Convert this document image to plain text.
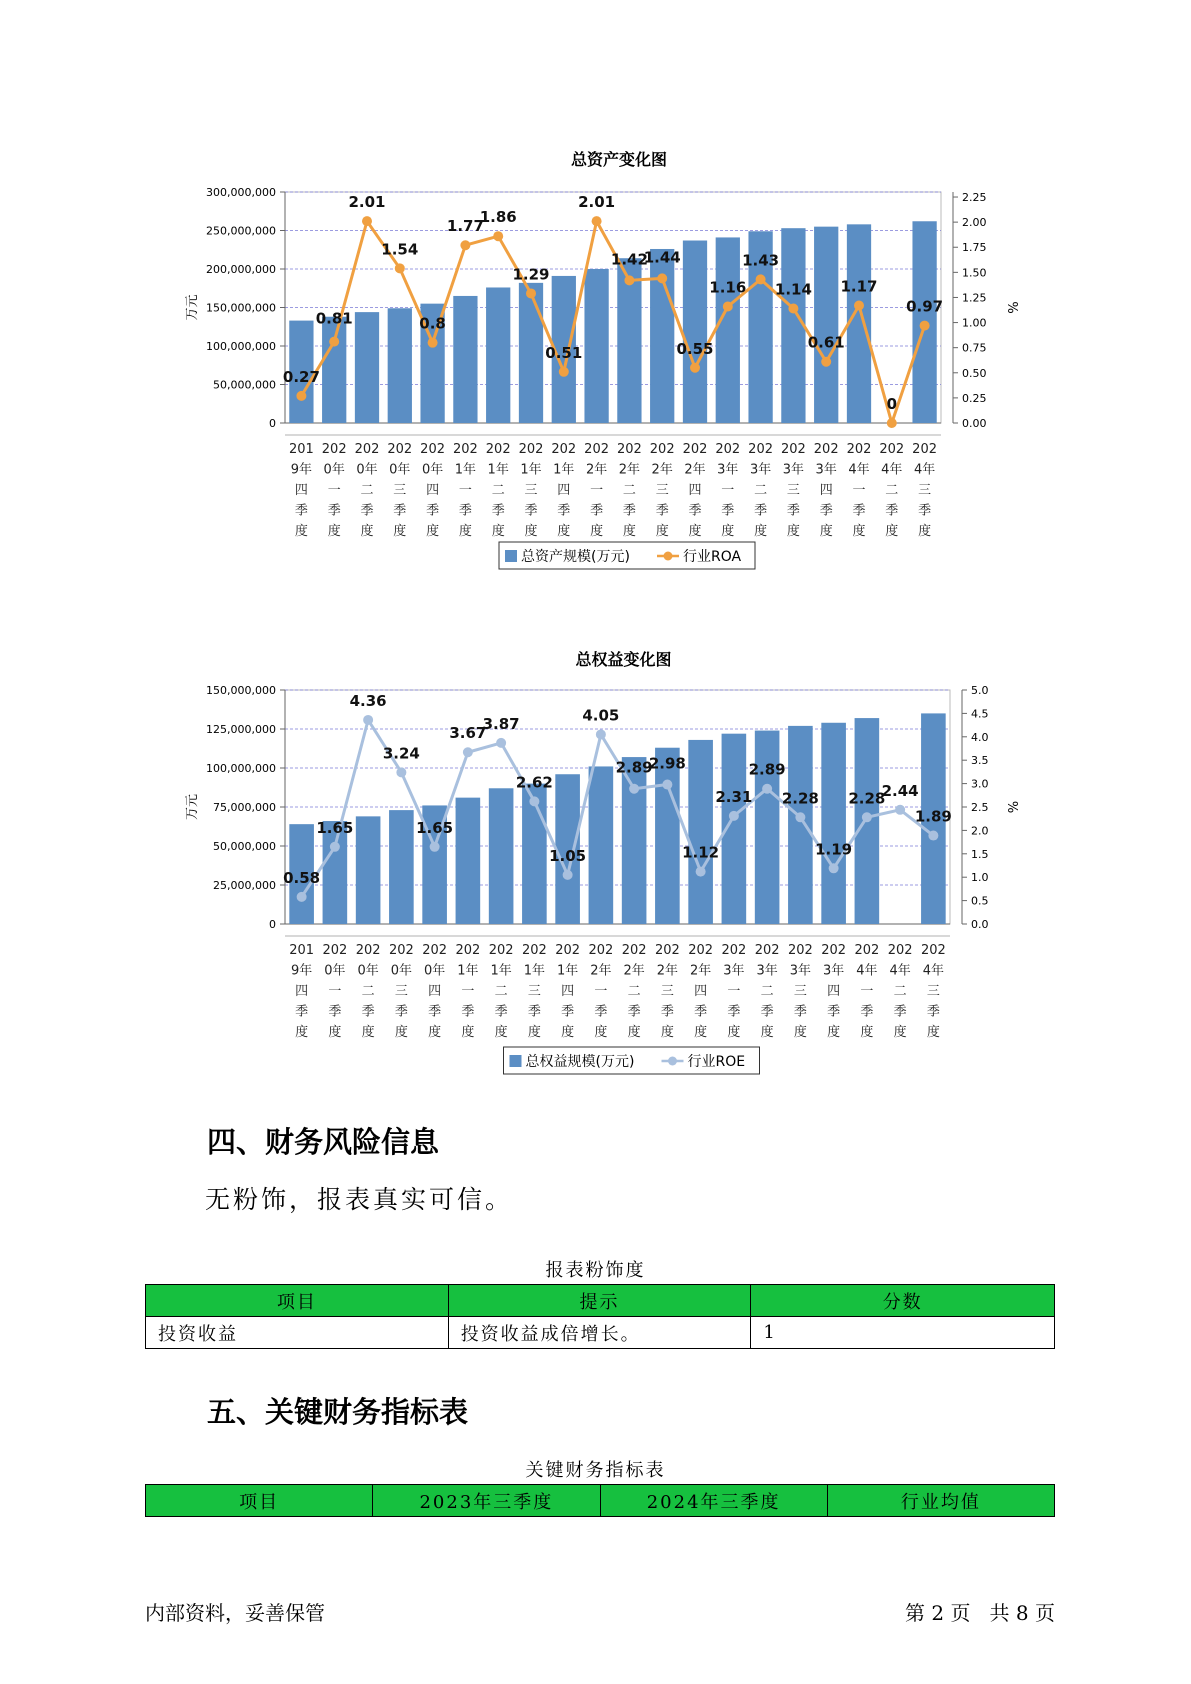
总资产变化图
0
50,000,000
100,000,000
150,000,000
200,000,000
250,000,000
300,000,000
0.00
0.25
0.50
0.75
1.00
1.25
1.50
1.75
2.00
2.25
万元	%
201
9年
四
季
度
202
0年
一
季
度
202
0年
二
季
度
202
0年
三
季
度
202
0年
四
季
度
202
1年
一
季
度
202
1年
二
季
度
202
1年
三
季
度
202
1年
四
季
度
202
2年
一
季
度
202
2年
二
季
度
202
2年
三
季
度
202
2年
四
季
度
202
3年
一
季
度
202
3年
二
季
度
202
3年
三
季
度
202
3年
四
季
度
202
4年
一
季
度
202
4年
二
季
度
202
4年
三
季
度
0.27
0.81
2.01
1.54
0.8
1.77
1.86
1.29
0.51
2.01
1.42
1.44
0.55
1.16
1.43
1.14
0.61
1.17
0
0.97
总资产规模(万元)	行业ROA
总权益变化图
0
25,000,000
50,000,000
75,000,000
100,000,000
125,000,000
150,000,000
0.0
0.5
1.0
1.5
2.0
2.5
3.0
3.5
4.0
4.5
5.0
万元	%
201
9年
四
季
度
202
0年
一
季
度
202
0年
二
季
度
202
0年
三
季
度
202
0年
四
季
度
202
1年
一
季
度
202
1年
二
季
度
202
1年
三
季
度
202
1年
四
季
度
202
2年
一
季
度
202
2年
二
季
度
202
2年
三
季
度
202
2年
四
季
度
202
3年
一
季
度
202
3年
二
季
度
202
3年
三
季
度
202
3年
四
季
度
202
4年
一
季
度
202
4年
二
季
度
202
4年
三
季
度
0.58
1.65
4.36
3.24
1.65
3.67
3.87
2.62
1.05
4.05
2.89
2.98
1.12
2.31
2.89
2.28
1.19
2.28
2.44
1.89
总权益规模(万元)	行业ROE
四、财务风险信息
无粉饰，报表真实可信。
报表粉饰度
项目	提示	分数
投资收益	投资收益成倍增长。	1
五、关键财务指标表
关键财务指标表
项目	2023年三季度	2024年三季度	行业均值
内部资料，妥善保管	第 2 页   共 8 页
